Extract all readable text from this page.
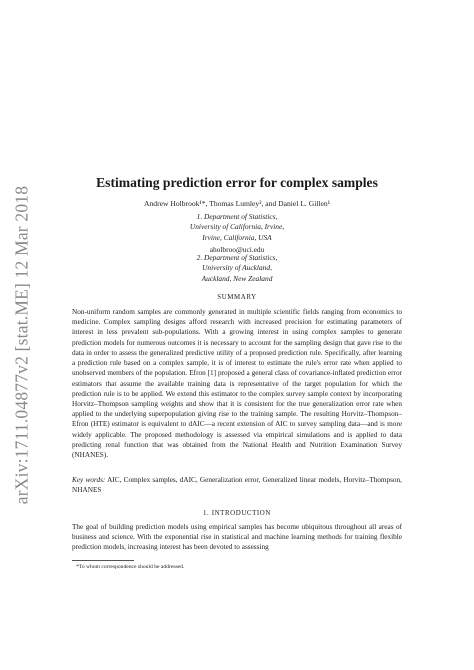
arXiv:1711.04877v2 [stat.ME] 12 Mar 2018
Estimating prediction error for complex samples
Andrew Holbrook¹*, Thomas Lumley², and Daniel L. Gillen¹
1. Department of Statistics,
University of California, Irvine,
Irvine, California, USA
aholbroo@uci.edu
2. Department of Statistics,
University of Auckland,
Auckland, New Zealand
SUMMARY
Non-uniform random samples are commonly generated in multiple scientific fields ranging from economics to medicine. Complex sampling designs afford research with increased precision for estimating parameters of interest in less prevalent sub-populations. With a growing interest in using complex samples to generate prediction models for numerous outcomes it is necessary to account for the sampling design that gave rise to the data in order to assess the generalized predictive utility of a proposed prediction rule. Specifically, after learning a prediction rule based on a complex sample, it is of interest to estimate the rule's error rate when applied to unobserved members of the population. Efron [1] proposed a general class of covariance-inflated prediction error estimators that assume the available training data is representative of the target population for which the prediction rule is to be applied. We extend this estimator to the complex survey sample context by incorporating Horvitz–Thompson sampling weights and show that it is consistent for the true generalization error rate when applied to the underlying superpopulation giving rise to the training sample. The resulting Horvitz–Thompson–Efron (HTE) estimator is equivalent to dAIC—a recent extension of AIC to survey sampling data—and is more widely applicable. The proposed methodology is assessed via empirical simulations and is applied to data predicting renal function that was obtained from the National Health and Nutrition Examination Survey (NHANES).
Key words: AIC, Complex samples, dAIC, Generalization error, Generalized linear models, Horvitz–Thompson, NHANES
1. INTRODUCTION
The goal of building prediction models using empirical samples has become ubiquitous throughout all areas of business and science. With the exponential rise in statistical and machine learning methods for training flexible prediction models, increasing interest has been devoted to assessing
*To whom correspondence should be addressed.
